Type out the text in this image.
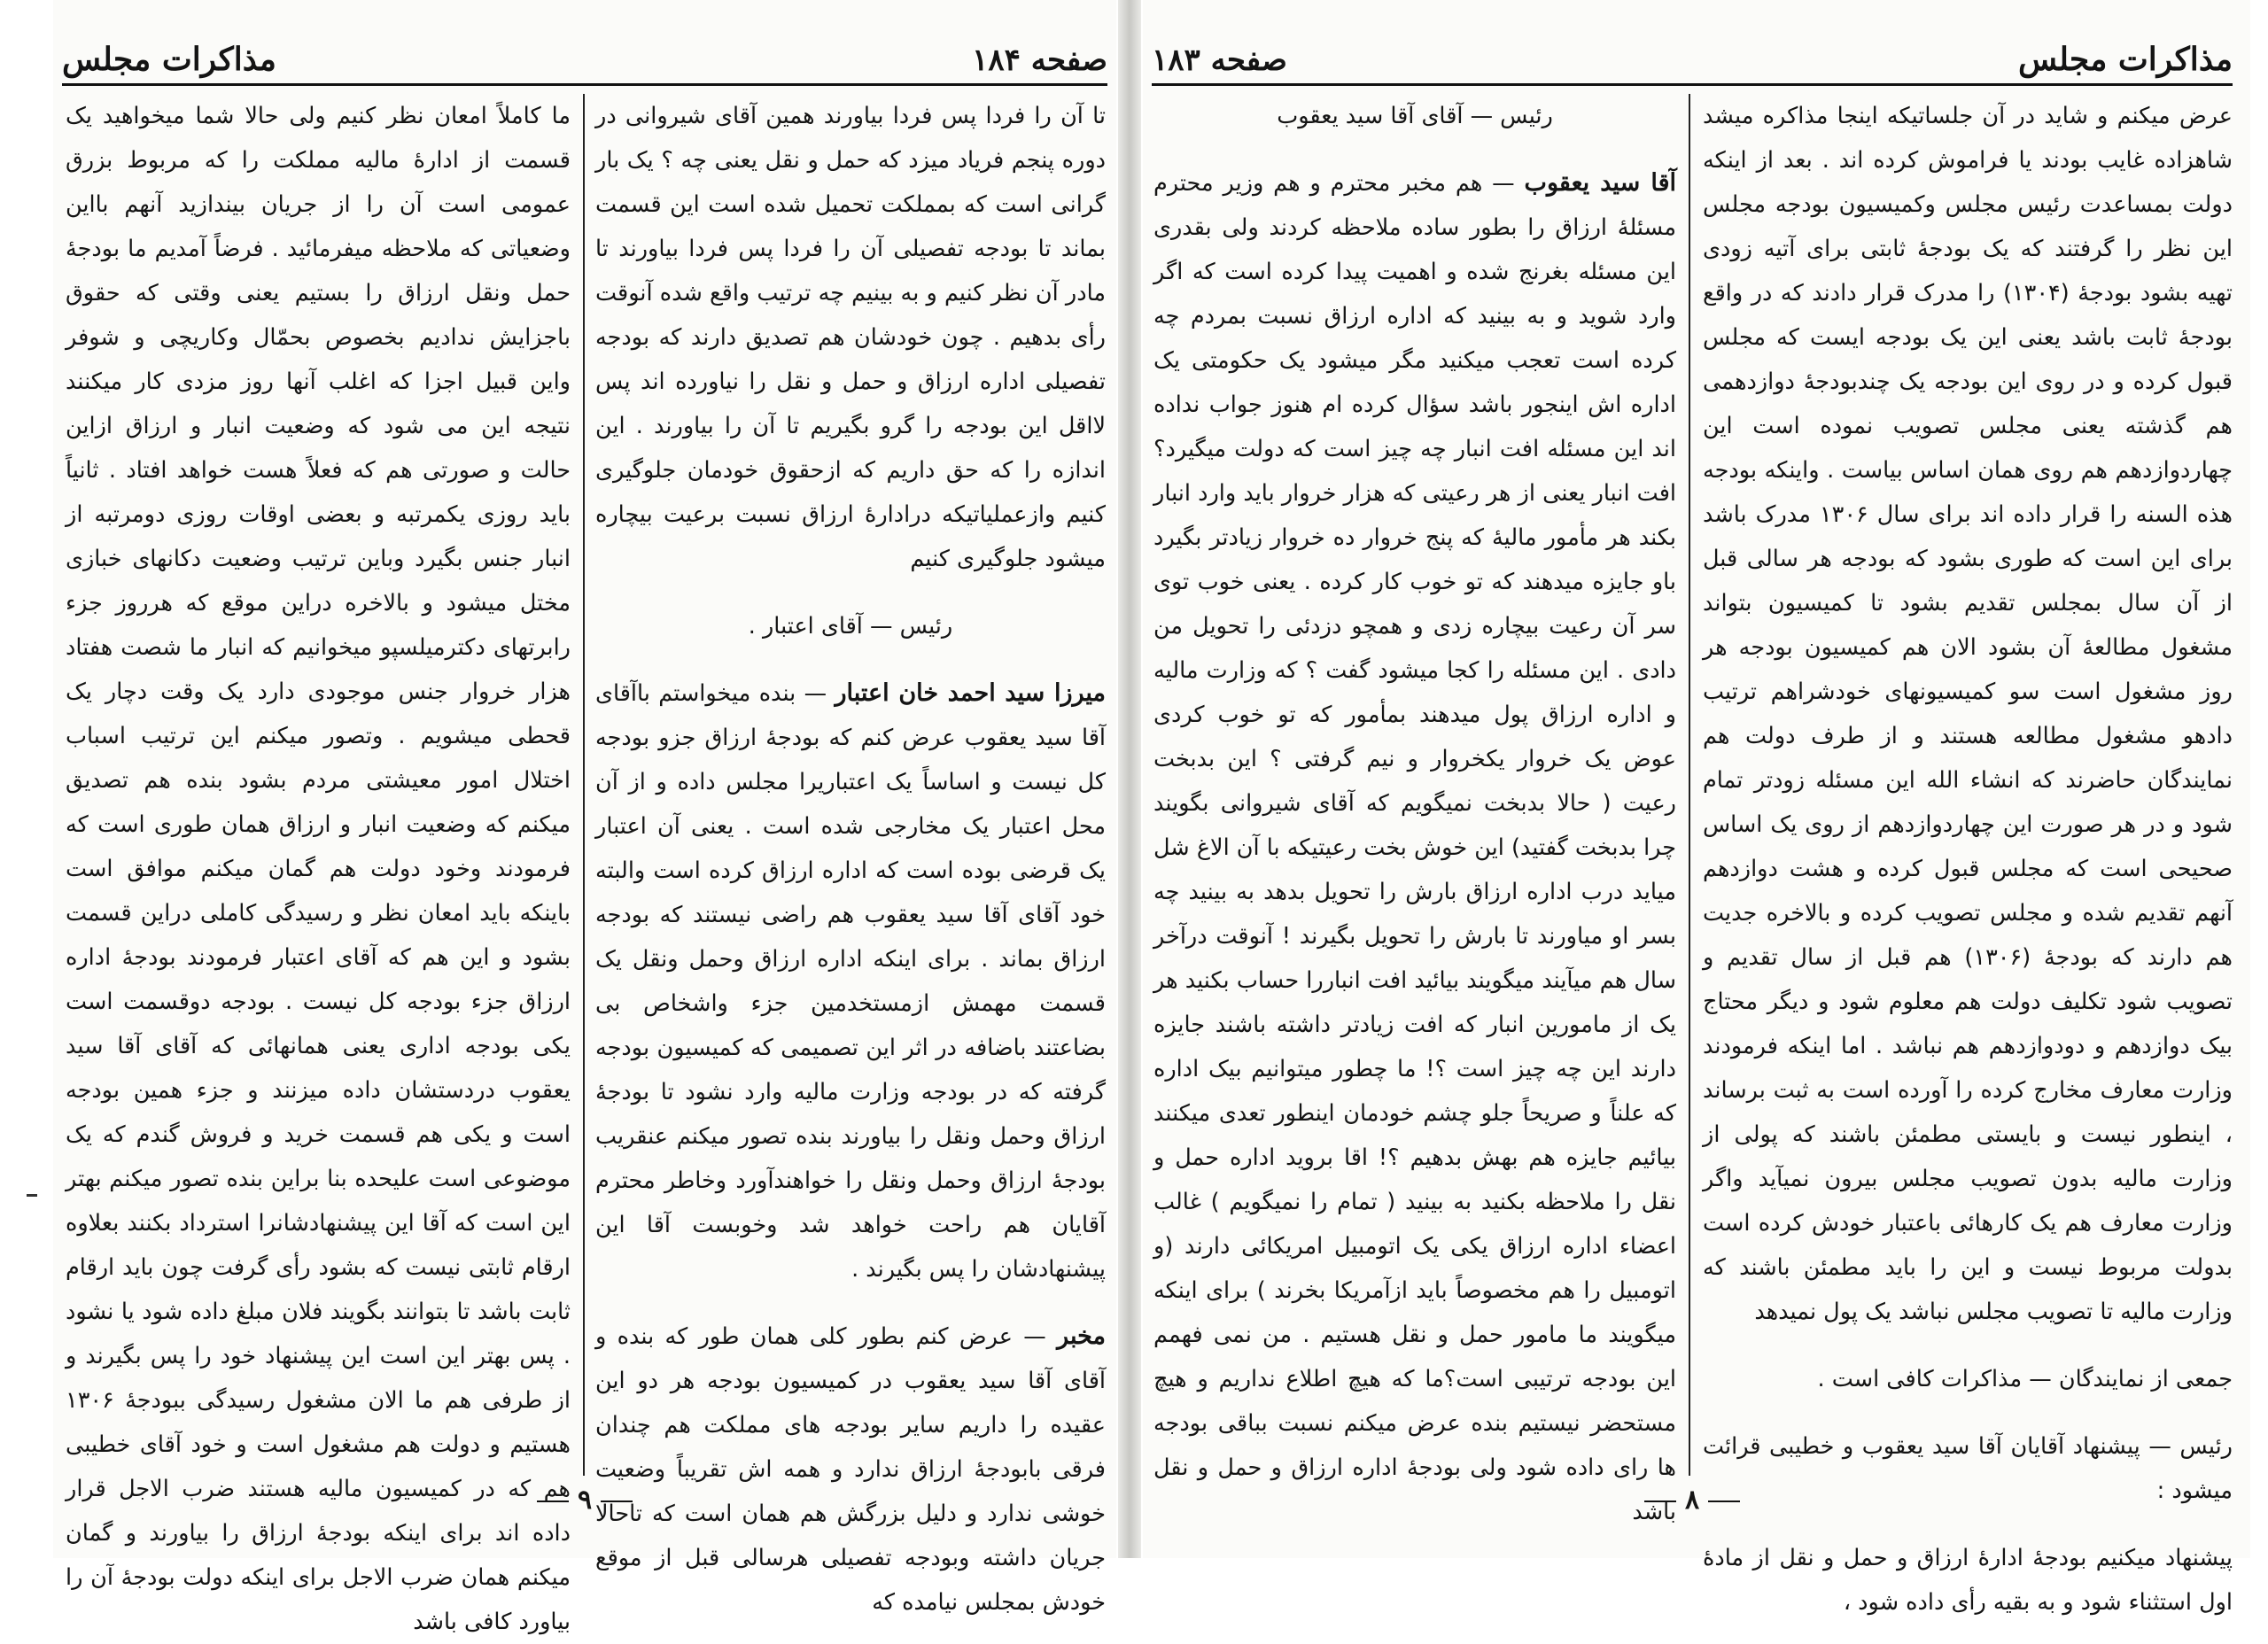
صفحه ۱۸۴
مذاکرات مجلس

تا آن را فردا پس فردا بیاورند همین آقای شیروانی در دوره پنجم فریاد میزد که حمل و نقل یعنی چه ؟ یک بار گرانی است که بمملکت تحمیل شده است این قسمت بماند تا بودجه تفصیلی آن را فردا پس فردا بیاورند تا مادر آن نظر کنیم و به بینیم چه ترتیب واقع شده آنوقت رأی بدهیم . چون خودشان هم تصدیق دارند که بودجه تفصیلی اداره ارزاق و حمل و نقل را نیاورده اند پس لااقل این بودجه را گرو بگیریم تا آن را بیاورند . این اندازه را که حق داریم که ازحقوق خودمان جلوگیری کنیم وازعملیاتیکه درادارهٔ ارزاق نسبت برعیت بیچاره میشود جلوگیری کنیم

رئیس — آقای اعتبار .

میرزا سید احمد خان اعتبار — بنده میخواستم باآقای آقا سید یعقوب عرض کنم که بودجهٔ ارزاق جزو بودجه کل نیست و اساساً یک اعتباریرا مجلس داده و از آن محل اعتبار یک مخارجی شده است . یعنی آن اعتبار یک قرضی بوده است که اداره ارزاق کرده است والبته خود آقای آقا سید یعقوب هم راضی نیستند که بودجه ارزاق بماند . برای اینکه اداره ارزاق وحمل ونقل یک قسمت مهمش ازمستخدمین جزء واشخاص بی بضاعتند باضافه در اثر این تصمیمی که کمیسیون بودجه گرفته که در بودجه وزارت مالیه وارد نشود تا بودجهٔ ارزاق وحمل ونقل را بیاورند بنده تصور میکنم عنقریب بودجهٔ ارزاق وحمل ونقل را خواهندآورد وخاطر محترم آقایان هم راحت خواهد شد وخوبست آقا این پیشنهادشان را پس بگیرند .

مخبر — عرض کنم بطور کلی همان طور که بنده و آقای آقا سید یعقوب در کمیسیون بودجه هر دو این عقیده را داریم سایر بودجه های مملکت هم چندان فرقی بابودجهٔ ارزاق ندارد و همه اش تقریباً وضعیت خوشی ندارد و دلیل بزرگش هم همان است که تاحالا جریان داشته وبودجه تفصیلی هرسالی قبل از موقع خودش بمجلس نیامده که

ما کاملاً امعان نظر کنیم ولی حالا شما میخواهید یک قسمت از ادارهٔ مالیه مملکت را که مربوط بزرق عمومی است آن را از جریان بیندازید آنهم بااین وضعیاتی که ملاحظه میفرمائید . فرضاً آمدیم ما بودجهٔ حمل ونقل ارزاق را بستیم یعنی وقتی که حقوق باجزایش ندادیم بخصوص بحمّال وکاریچی و شوفر واین قبیل اجزا که اغلب آنها روز مزدی کار میکنند نتیجه این می شود که وضعیت انبار و ارزاق ازاین حالت و صورتی هم که فعلاً هست خواهد افتاد . ثانیاً باید روزی یکمرتبه و بعضی اوقات روزی دومرتبه از انبار جنس بگیرد وباین ترتیب وضعیت دکانهای خبازی مختل میشود و بالاخره دراین موقع که هرروز جزء رابرتهای دکترمیلسپو میخوانیم که انبار ما شصت هفتاد هزار خروار جنس موجودی دارد یک وقت دچار یک قحطی میشویم . وتصور میکنم این ترتیب اسباب اختلال امور معیشتی مردم بشود بنده هم تصدیق میکنم که وضعیت انبار و ارزاق همان طوری است که فرمودند وخود دولت هم گمان میکنم موافق است باینکه باید امعان نظر و رسیدگی کاملی دراین قسمت بشود و این هم که آقای اعتبار فرمودند بودجهٔ اداره ارزاق جزء بودجه کل نیست . بودجه دوقسمت است یکی بودجه اداری یعنی همانهائی که آقای آقا سید یعقوب دردستشان داده میزنند و جزء همین بودجه است و یکی هم قسمت خرید و فروش گندم که یک موضوعی است علیحده بنا براین بنده تصور میکنم بهتر این است که آقا این پیشنهادشانرا استرداد بکنند بعلاوه ارقام ثابتی نیست که بشود رأی گرفت چون باید ارقام ثابت باشد تا بتوانند بگویند فلان مبلغ داده شود یا نشود . پس بهتر این است این پیشنهاد خود را پس بگیرند و از طرفی هم ما الان مشغول رسیدگی ببودجهٔ ۱۳۰۶ هستیم و دولت هم مشغول است و خود آقای خطیبی هم که در کمیسیون مالیه هستند ضرب الاجل قرار داده اند برای اینکه بودجهٔ ارزاق را بیاورند و گمان میکنم همان ضرب الاجل برای اینکه دولت بودجهٔ آن را بیاورد کافی باشد

۹
مذاکرات مجلس
صفحه ۱۸۳

عرض میکنم و شاید در آن جلساتیکه اینجا مذاکره میشد شاهزاده غایب بودند یا فراموش کرده اند . بعد از اینکه دولت بمساعدت رئیس مجلس وکمیسیون بودجه مجلس این نظر را گرفتند که یک بودجهٔ ثابتی برای آتیه زودی تهیه بشود بودجهٔ (۱۳۰۴) را مدرک قرار دادند که در واقع بودجهٔ ثابت باشد یعنی این یک بودجه ایست که مجلس قبول کرده و در روی این بودجه یک چندبودجهٔ دوازدهمی هم گذشته یعنی مجلس تصویب نموده است این چهاردوازدهم هم روی همان اساس بیاست . واینکه بودجه هذه السنه را قرار داده اند برای سال ۱۳۰۶ مدرک باشد برای این است که طوری بشود که بودجه هر سالی قبل از آن سال بمجلس تقدیم بشود تا کمیسیون بتواند مشغول مطالعهٔ آن بشود الان هم کمیسیون بودجه هر روز مشغول است سو کمیسیونهای خودشراهم ترتیب دادهو مشغول مطالعه هستند و از طرف دولت هم نمایندگان حاضرند که انشاء الله این مسئله زودتر تمام شود و در هر صورت این چهاردوازدهم از روی یک اساس صحیحی است که مجلس قبول کرده و هشت دوازدهم آنهم تقدیم شده و مجلس تصویب کرده و بالاخره جدیت هم دارند که بودجهٔ (۱۳۰۶) هم قبل از سال تقدیم و تصویب شود تکلیف دولت هم معلوم شود و دیگر محتاج بیک دوازدهم و دودوازدهم هم نباشد . اما اینکه فرمودند وزارت معارف مخارج کرده را آورده است به ثبت برساند ، اینطور نیست و بایستی مطمئن باشند که پولی از وزارت مالیه بدون تصویب مجلس بیرون نمیآید واگر وزارت معارف هم یک کارهائی باعتبار خودش کرده است بدولت مربوط نیست و این را باید مطمئن باشند که وزارت مالیه تا تصویب مجلس نباشد یک پول نمیدهد

جمعی از نمایندگان — مذاکرات کافی است .

رئیس — پیشنهاد آقایان آقا سید یعقوب و خطیبی قرائت میشود :

پیشنهاد میکنیم بودجهٔ ادارهٔ ارزاق و حمل و نقل از مادهٔ اول استثناء شود و به بقیه رأی داده شود ،

رئیس — آقای آقا سید یعقوب

آقا سید یعقوب — هم مخبر محترم و هم وزیر محترم مسئلهٔ ارزاق را بطور ساده ملاحظه کردند ولی بقدری این مسئله بغرنج شده و اهمیت پیدا کرده است که اگر وارد شوید و به بینید که اداره ارزاق نسبت بمردم چه کرده است تعجب میکنید مگر میشود یک حکومتی یک اداره اش اینجور باشد سؤال کرده ام هنوز جواب نداده اند این مسئله افت انبار چه چیز است که دولت میگیرد؟ افت انبار یعنی از هر رعیتی که هزار خروار باید وارد انبار بکند هر مأمور مالیهٔ که پنج خروار ده خروار زیادتر بگیرد باو جایزه میدهند که تو خوب کار کرده . یعنی خوب توی سر آن رعیت بیچاره زدی و همچو دزدئی را تحویل من دادی . این مسئله را کجا میشود گفت ؟ که وزارت مالیه و اداره ارزاق پول میدهند بمأمور که تو خوب کردی عوض یک خروار یکخروار و نیم گرفتی ؟ این بدبخت رعیت ( حالا بدبخت نمیگویم که آقای شیروانی بگویند چرا بدبخت گفتید) این خوش بخت رعیتیکه با آن الاغ شل میاید درب اداره ارزاق بارش را تحویل بدهد به بینید چه بسر او میاورند تا بارش را تحویل بگیرند ! آنوقت درآخر سال هم میآیند میگویند بیائید افت انباررا حساب بکنید هر یک از مامورین انبار که افت زیادتر داشته باشند جایزه دارند این چه چیز است ؟! ما چطور میتوانیم بیک اداره که علناً و صریحاً جلو چشم خودمان اینطور تعدی میکنند بیائیم جایزه هم بهش بدهیم ؟! اقا بروید اداره حمل و نقل را ملاحظه بکنید به بینید ( تمام را نمیگویم ) غالب اعضاء اداره ارزاق یکی یک اتومبیل امریکائی دارند (و اتومبیل را هم مخصوصاً باید ازآمریکا بخرند ) برای اینکه میگویند ما مامور حمل و نقل هستیم . من نمی فهمم این بودجه ترتیبی است؟ما که هیچ اطلاع نداریم و هیچ مستحضر نیستیم بنده عرض میکنم نسبت بباقی بودجه ها رای داده شود ولی بودجهٔ اداره ارزاق و حمل و نقل باشد ۸
